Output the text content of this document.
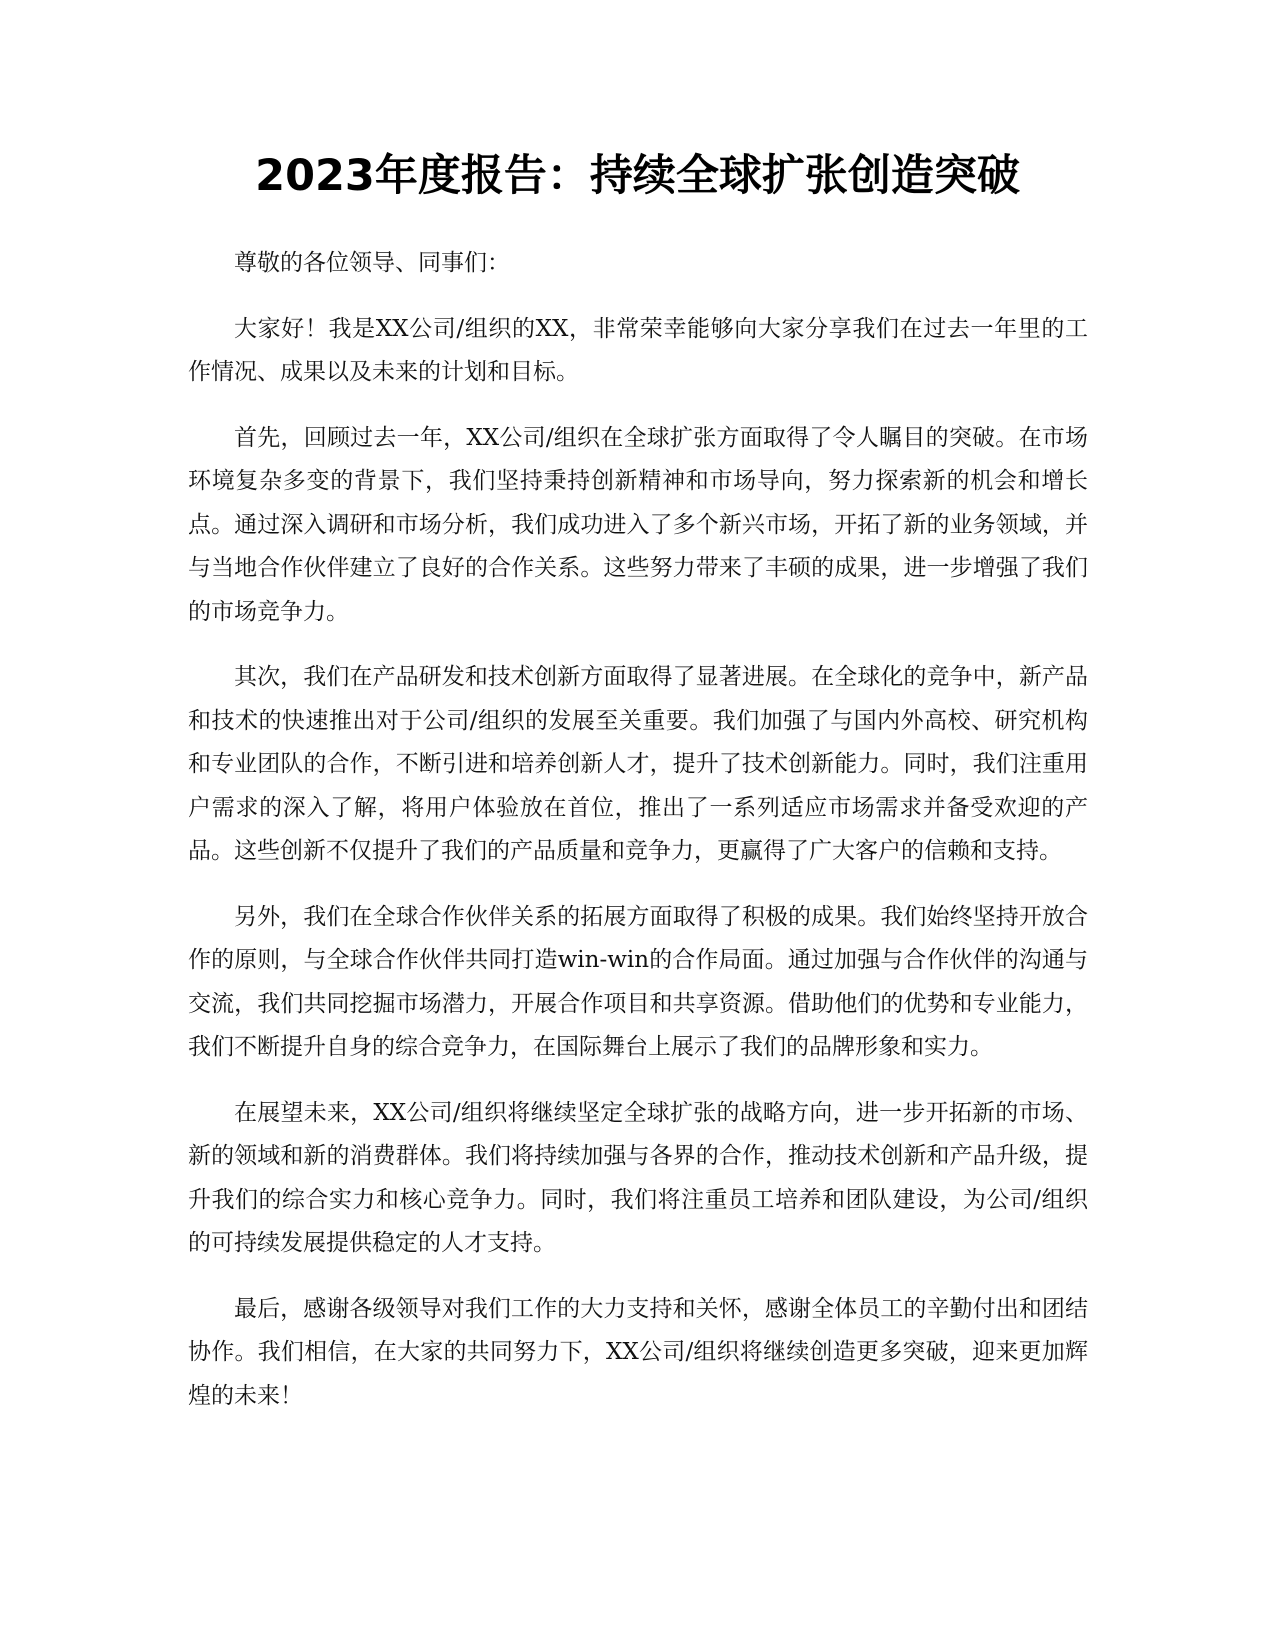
2023年度报告：持续全球扩张创造突破

尊敬的各位领导、同事们：

大家好！我是XX公司/组织的XX，非常荣幸能够向大家分享我们在过去一年里的工作情况、成果以及未来的计划和目标。

首先，回顾过去一年，XX公司/组织在全球扩张方面取得了令人瞩目的突破。在市场环境复杂多变的背景下，我们坚持秉持创新精神和市场导向，努力探索新的机会和增长点。通过深入调研和市场分析，我们成功进入了多个新兴市场，开拓了新的业务领域，并与当地合作伙伴建立了良好的合作关系。这些努力带来了丰硕的成果，进一步增强了我们的市场竞争力。

其次，我们在产品研发和技术创新方面取得了显著进展。在全球化的竞争中，新产品和技术的快速推出对于公司/组织的发展至关重要。我们加强了与国内外高校、研究机构和专业团队的合作，不断引进和培养创新人才，提升了技术创新能力。同时，我们注重用户需求的深入了解，将用户体验放在首位，推出了一系列适应市场需求并备受欢迎的产品。这些创新不仅提升了我们的产品质量和竞争力，更赢得了广大客户的信赖和支持。

另外，我们在全球合作伙伴关系的拓展方面取得了积极的成果。我们始终坚持开放合作的原则，与全球合作伙伴共同打造win-win的合作局面。通过加强与合作伙伴的沟通与交流，我们共同挖掘市场潜力，开展合作项目和共享资源。借助他们的优势和专业能力，我们不断提升自身的综合竞争力，在国际舞台上展示了我们的品牌形象和实力。

在展望未来，XX公司/组织将继续坚定全球扩张的战略方向，进一步开拓新的市场、新的领域和新的消费群体。我们将持续加强与各界的合作，推动技术创新和产品升级，提升我们的综合实力和核心竞争力。同时，我们将注重员工培养和团队建设，为公司/组织的可持续发展提供稳定的人才支持。

最后，感谢各级领导对我们工作的大力支持和关怀，感谢全体员工的辛勤付出和团结协作。我们相信，在大家的共同努力下，XX公司/组织将继续创造更多突破，迎来更加辉煌的未来！
